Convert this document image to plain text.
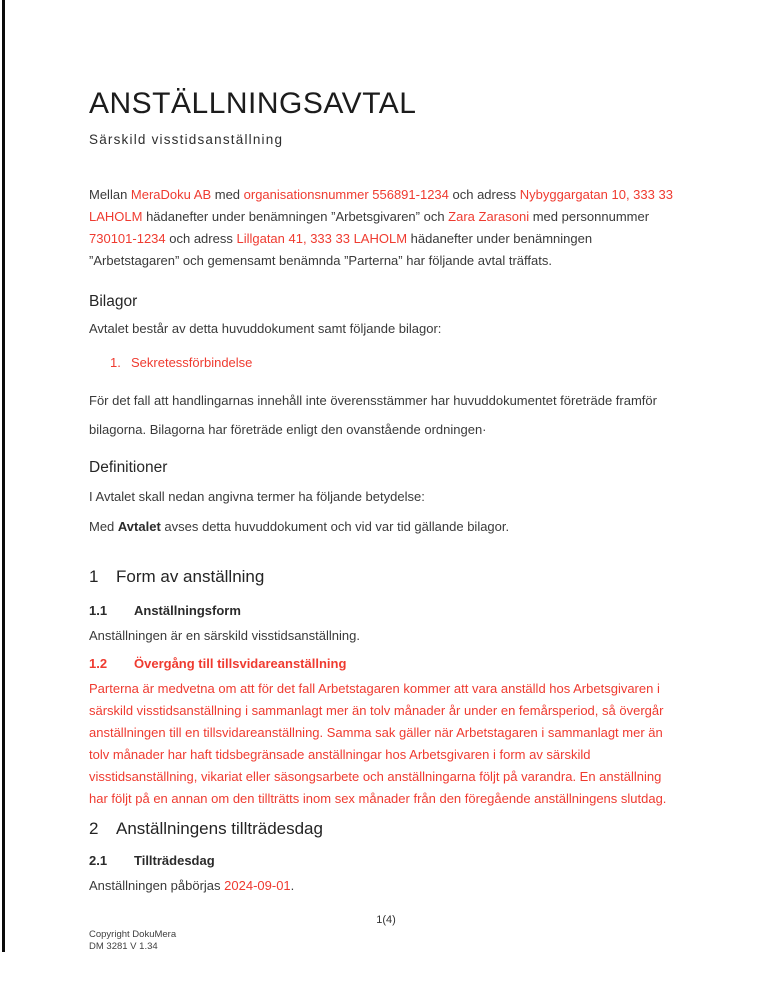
ANSTÄLLNINGSAVTAL
Särskild visstidsanställning

Mellan MeraDoku AB med organisationsnummer 556891-1234 och adress Nybyggargatan 10, 333 33 LAHOLM hädanefter under benämningen ”Arbetsgivaren” och Zara Zarasoni med personnummer 730101-1234 och adress Lillgatan 41, 333 33 LAHOLM hädanefter under benämningen ”Arbetstagaren” och gemensamt benämnda ”Parterna” har följande avtal träffats.

Bilagor

Avtalet består av detta huvuddokument samt följande bilagor:

1. Sekretessförbindelse

För det fall att handlingarnas innehåll inte överensstämmer har huvuddokumentet företräde framför bilagorna. Bilagorna har företräde enligt den ovanstående ordningen·

Definitioner

I Avtalet skall nedan angivna termer ha följande betydelse:

Med Avtalet avses detta huvuddokument och vid var tid gällande bilagor.

1 Form av anställning
1.1 Anställningsform

Anställningen är en särskild visstidsanställning.

1.2 Övergång till tillsvidareanställning

Parterna är medvetna om att för det fall Arbetstagaren kommer att vara anställd hos Arbetsgivaren i särskild visstidsanställning i sammanlagt mer än tolv månader år under en femårsperiod, så övergår anställningen till en tillsvidareanställning. Samma sak gäller när Arbetstagaren i sammanlagt mer än tolv månader har haft tidsbegränsade anställningar hos Arbetsgivaren i form av särskild visstidsanställning, vikariat eller säsongsarbete och anställningarna följt på varandra. En anställning har följt på en annan om den tillträtts inom sex månader från den föregående anställningens slutdag.

2 Anställningens tillträdesdag
2.1 Tillträdesdag

Anställningen påbörjas 2024-09-01.

1(4)
Copyright DokuMera
DM 3281 V 1.34
